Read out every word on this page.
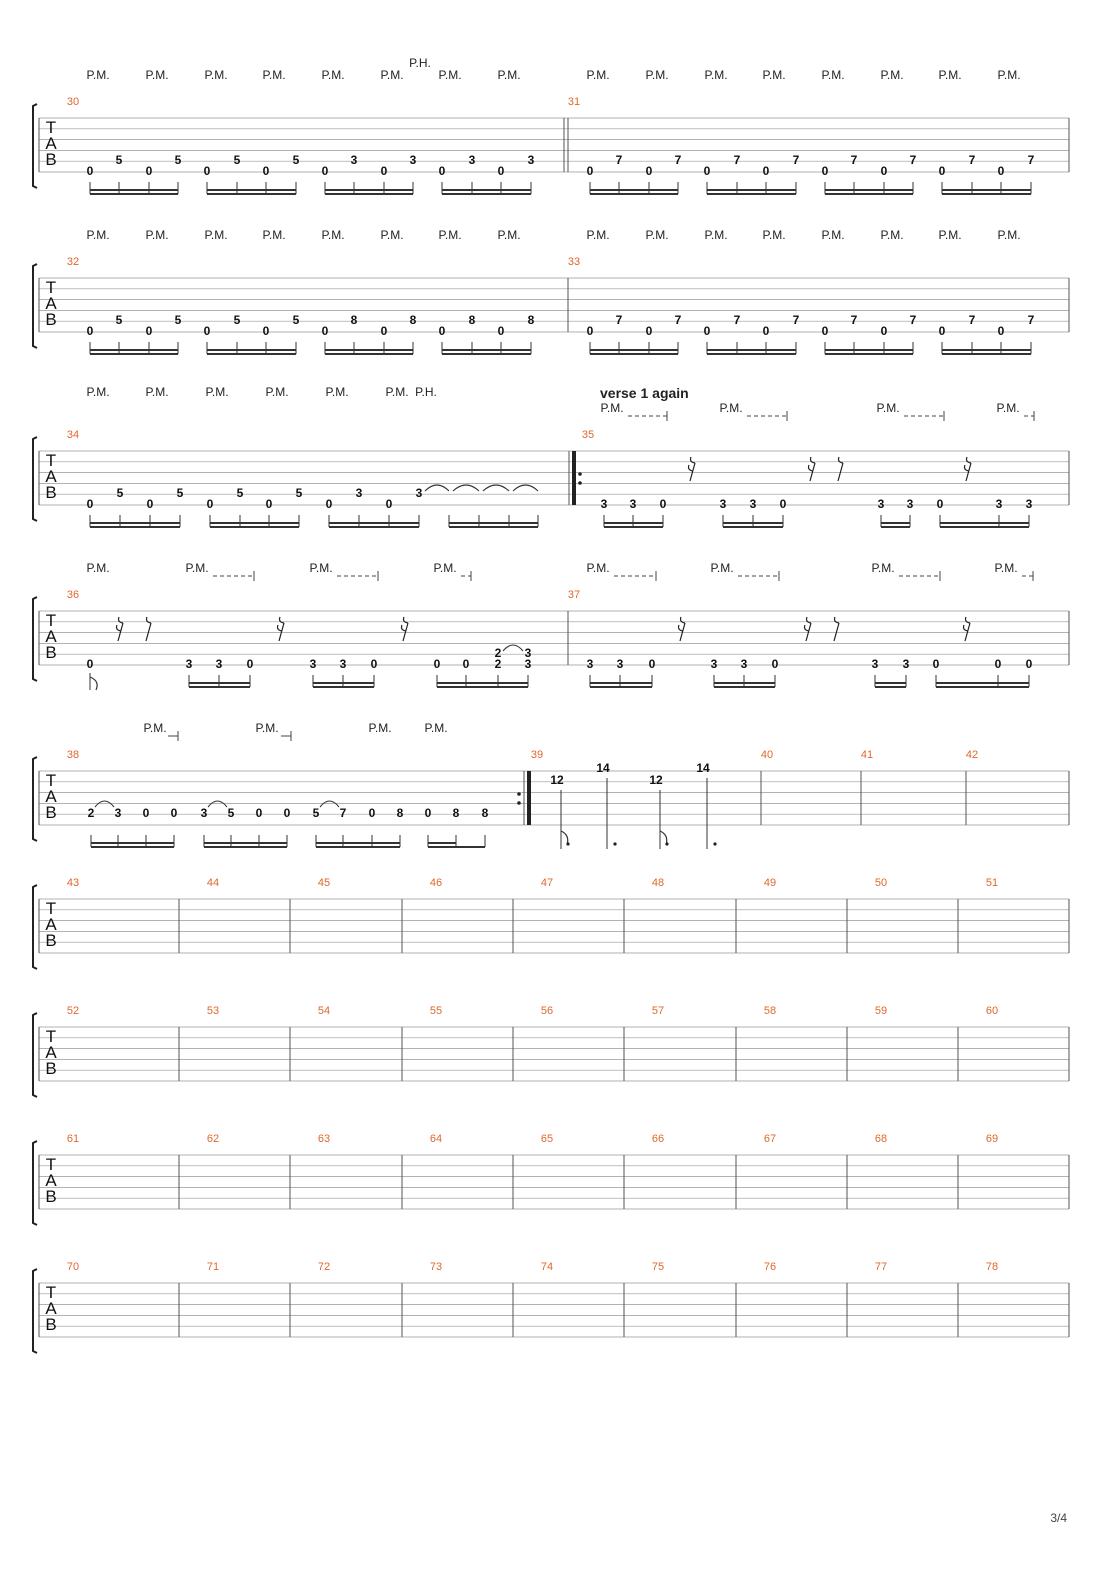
T
A
B
30	31
0
5
0
5
0
5
0
5
0
3
0
3
0
3
0
3
0
7
0
7
0
7
0
7
0
7
0
7
0
7
0
7
P.M.	P.M.	P.M.	P.M.	P.M.	P.M.	P.M.	P.M.
P.H.
P.M.	P.M.	P.M.	P.M.	P.M.	P.M.	P.M.	P.M.
T
A
B
32	33
0
5
0
5
0
5
0
5
0
8
0
8
0
8
0
8
0
7
0
7
0
7
0
7
0
7
0
7
0
7
0
7
P.M.	P.M.	P.M.	P.M.	P.M.	P.M.	P.M.	P.M.	P.M.	P.M.	P.M.	P.M.	P.M.	P.M.	P.M.	P.M.
T
A
B
34	35
0
5
0
5
0
5
0
5
0
3
0
3
P.M.	P.M.	P.M.	P.M.	P.M.	P.M. P.H.	verse 1 again
3 3 0	3 3 0	3 3 0	3 3
P.M.	P.M.	P.M.	P.M.
T
A
B
36	37
0	3 3 0	3 3 0	0 0 2 3
2 3
P.M.	P.M.	P.M.	P.M.
3 3 0	3 3 0	3 3 0	0 0
P.M.	P.M.	P.M.	P.M.
T
A
B
38	39	40	41	42
2 3 0 0 3 5 0 0 5 7 0 8 0 8 8
P.M.	P.M.	P.M.	P.M.
12
14
12
14
T
A
B
43	44	45	46	47	48	49	50	51
T
A
B
52	53	54	55	56	57	58	59	60
T
A
B
61	62	63	64	65	66	67	68	69
T
A
B
70	71	72	73	74	75	76	77	78
3/4
